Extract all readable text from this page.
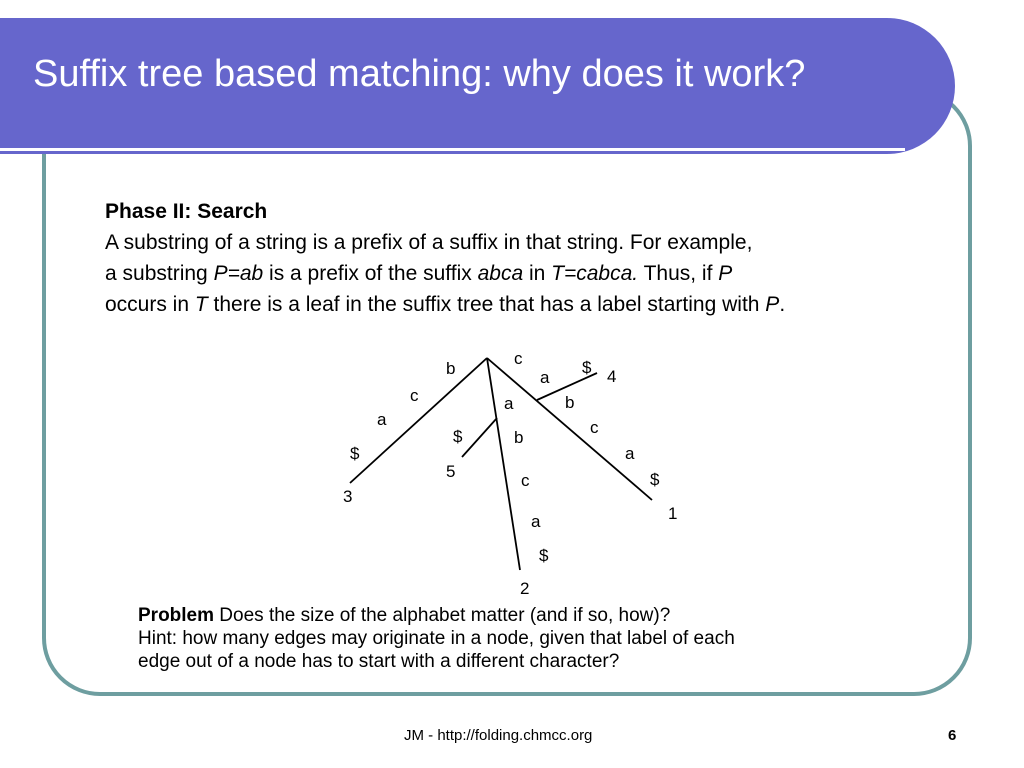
Suffix tree based matching: why does it work?
Phase II: Search
A substring of a string is a prefix of a suffix in that string. For example,
a substring P=ab is a prefix of the suffix abca in T=cabca. Thus, if P
occurs in T there is a leaf in the suffix tree that has a label starting with P.
b
c
a
$
3
a
b
c
a
$
2
$
5
c
a
b
c
a
$
1
$ 4
Problem Does the size of the alphabet matter (and if so, how)?
Hint: how many edges may originate in a node, given that label of each
edge out of a node has to start with a different character?
JM - http://folding.chmcc.org	6
